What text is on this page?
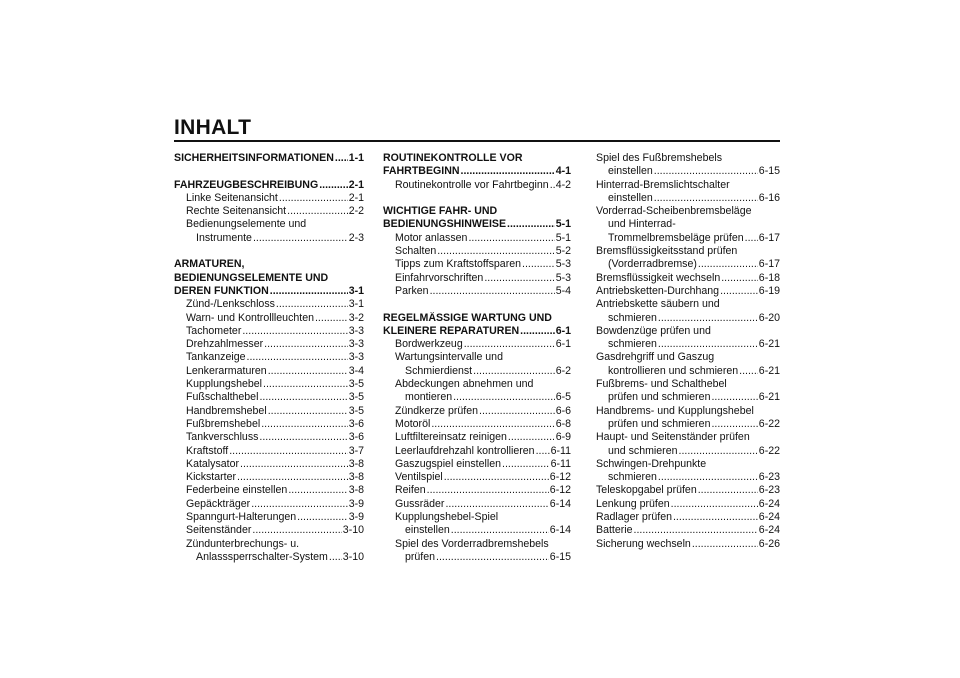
INHALT
SICHERHEITSINFORMATIONEN ..... 1-1
FAHRZEUGBESCHREIBUNG .....	2-1
Linke Seitenansicht .....	2-1
Rechte Seitenansicht .....	2-2
Bedienungselemente und
Instrumente .....	2-3
ARMATUREN,
BEDIENUNGSELEMENTE UND
DEREN FUNKTION .....	3-1
Zünd-/Lenkschloss .....	3-1
Warn- und Kontrollleuchten .....	3-2
Tachometer .....	3-3
Drehzahlmesser .....	3-3
Tankanzeige .....	3-3
Lenkerarmaturen .....	3-4
Kupplungshebel .....	3-5
Fußschalthebel .....	3-5
Handbremshebel .....	3-5
Fußbremshebel .....	3-6
Tankverschluss .....	3-6
Kraftstoff .....	3-7
Katalysator .....	3-8
Kickstarter .....	3-8
Federbeine einstellen .....	3-8
Gepäckträger .....	3-9
Spanngurt-Halterungen .....	3-9
Seitenständer .....	3-10
Zündunterbrechungs- u.
Anlasssperrschalter-System ..... 3-10
ROUTINEKONTROLLE VOR
FAHRTBEGINN .....	4-1
Routinekontrolle vor Fahrtbeginn ..... 4-2
WICHTIGE FAHR- UND
BEDIENUNGSHINWEISE .....	5-1
Motor anlassen .....	5-1
Schalten .....	5-2
Tipps zum Kraftstoffsparen .....	5-3
Einfahrvorschriften .....	5-3
Parken .....	5-4
REGELMÄSSIGE WARTUNG UND
KLEINERE REPARATUREN .....	6-1
Bordwerkzeug .....	6-1
Wartungsintervalle und
Schmierdienst .....	6-2
Abdeckungen abnehmen und
montieren .....	6-5
Zündkerze prüfen .....	6-6
Motoröl .....	6-8
Luftfiltereinsatz reinigen .....	6-9
Leerlaufdrehzahl kontrollieren ..... 6-11
Gaszugspiel einstellen .....	6-11
Ventilspiel .....	6-12
Reifen .....	6-12
Gussräder .....	6-14
Kupplungshebel-Spiel
einstellen .....	6-14
Spiel des Vorderradbremshebels
prüfen .....	6-15
Spiel des Fußbremshebels
einstellen .....	6-15
Hinterrad-Bremslichtschalter
einstellen .....	6-16
Vorderrad-Scheibenbremsbeläge
und Hinterrad-
Trommelbremsbeläge prüfen ..... 6-17
Bremsflüssigkeitsstand prüfen
(Vorderradbremse) .....	6-17
Bremsflüssigkeit wechseln .....	6-18
Antriebsketten-Durchhang .....	6-19
Antriebskette säubern und
schmieren .....	6-20
Bowdenzüge prüfen und
schmieren .....	6-21
Gasdrehgriff und Gaszug
kontrollieren und schmieren ..... 6-21
Fußbrems- und Schalthebel
prüfen und schmieren .....	6-21
Handbrems- und Kupplungshebel
prüfen und schmieren .....	6-22
Haupt- und Seitenständer prüfen
und schmieren .....	6-22
Schwingen-Drehpunkte
schmieren .....	6-23
Teleskopgabel prüfen .....	6-23
Lenkung prüfen .....	6-24
Radlager prüfen .....	6-24
Batterie .....	6-24
Sicherung wechseln .....	6-26
